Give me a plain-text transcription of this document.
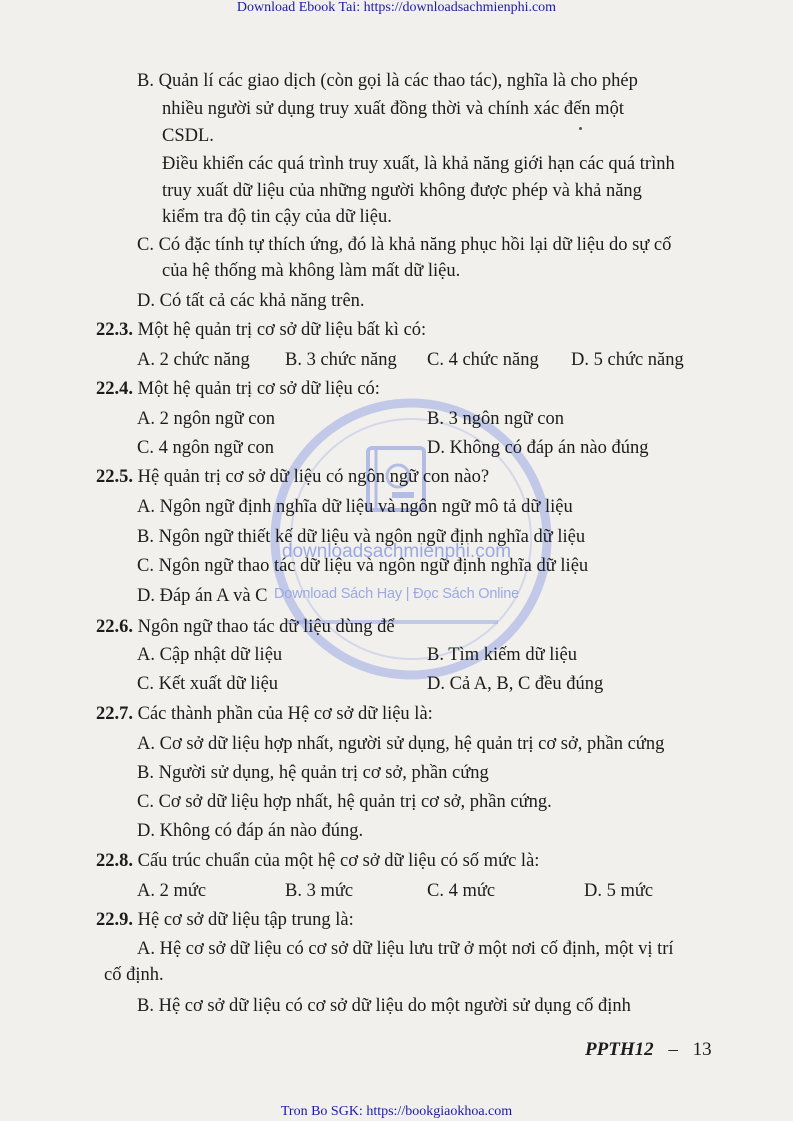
Download Ebook Tai: https://downloadsachmienphi.com
downloadsachmienphi.com
Download Sách Hay | Đọc Sách Online
B. Quản lí các giao dịch (còn gọi là các thao tác), nghĩa là cho phép
nhiều người sử dụng truy xuất đồng thời và chính xác đến một
CSDL.
Điều khiển các quá trình truy xuất, là khả năng giới hạn các quá trình
truy xuất dữ liệu của những người không được phép và khả năng
kiểm tra độ tin cậy của dữ liệu.
C. Có đặc tính tự thích ứng, đó là khả năng phục hồi lại dữ liệu do sự cố
của hệ thống mà không làm mất dữ liệu.
D. Có tất cả các khả năng trên.
22.3. Một hệ quản trị cơ sở dữ liệu bất kì có:
A. 2 chức năng B. 3 chức năng C. 4 chức năng D. 5 chức năng
22.4. Một hệ quản trị cơ sở dữ liệu có:
A. 2 ngôn ngữ con	B. 3 ngôn ngữ con
C. 4 ngôn ngữ con	D. Không có đáp án nào đúng
22.5. Hệ quản trị cơ sở dữ liệu có ngôn ngữ con nào?
A. Ngôn ngữ định nghĩa dữ liệu và ngôn ngữ mô tả dữ liệu
B. Ngôn ngữ thiết kế dữ liệu và ngôn ngữ định nghĩa dữ liệu
C. Ngôn ngữ thao tác dữ liệu và ngôn ngữ định nghĩa dữ liệu
D. Đáp án A và C
22.6. Ngôn ngữ thao tác dữ liệu dùng để
A. Cập nhật dữ liệu	B. Tìm kiếm dữ liệu
C. Kết xuất dữ liệu	D. Cả A, B, C đều đúng
22.7. Các thành phần của Hệ cơ sở dữ liệu là:
A. Cơ sở dữ liệu hợp nhất, người sử dụng, hệ quản trị cơ sở, phần cứng
B. Người sử dụng, hệ quản trị cơ sở, phần cứng
C. Cơ sở dữ liệu hợp nhất, hệ quản trị cơ sở, phần cứng.
D. Không có đáp án nào đúng.
22.8. Cấu trúc chuẩn của một hệ cơ sở dữ liệu có số mức là:
A. 2 mức	B. 3 mức	C. 4 mức	D. 5 mức
22.9. Hệ cơ sở dữ liệu tập trung là:
A. Hệ cơ sở dữ liệu có cơ sở dữ liệu lưu trữ ở một nơi cố định, một vị trí
cố định.
B. Hệ cơ sở dữ liệu có cơ sở dữ liệu do một người sử dụng cố định
PPTH12 – 13
Tron Bo SGK: https://bookgiaokhoa.com
